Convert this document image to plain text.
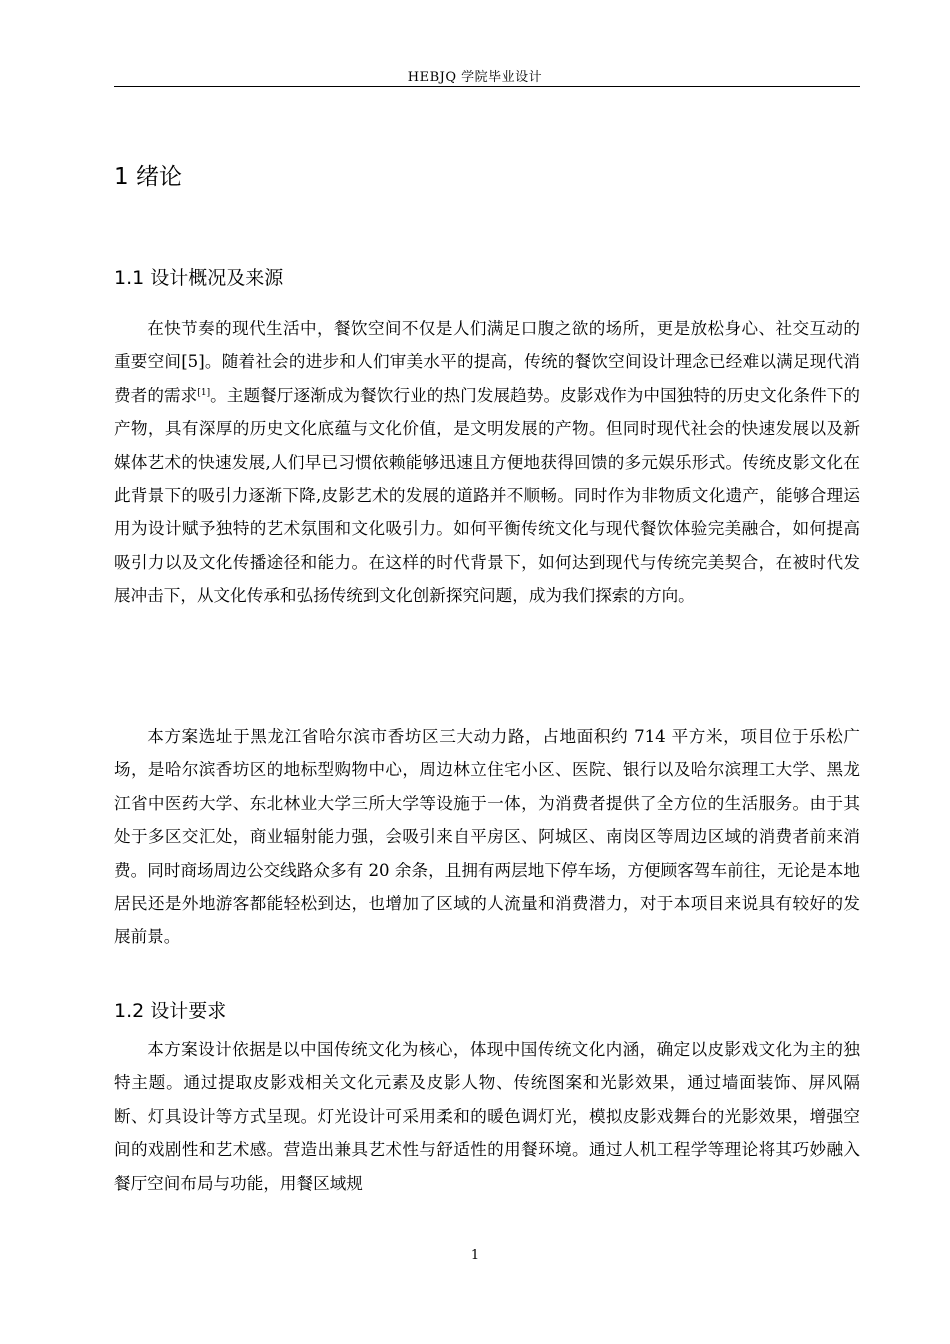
HEBJQ 学院毕业设计
1 绪论
1.1 设计概况及来源

在快节奏的现代生活中，餐饮空间不仅是人们满足口腹之欲的场所，更是放松身心、社交互动的重要空间[5]。随着社会的进步和人们审美水平的提高，传统的餐饮空间设计理念已经难以满足现代消费者的需求[1]。主题餐厅逐渐成为餐饮行业的热门发展趋势。皮影戏作为中国独特的历史文化条件下的产物，具有深厚的历史文化底蕴与文化价值，是文明发展的产物。但同时现代社会的快速发展以及新媒体艺术的快速发展,人们早已习惯依赖能够迅速且方便地获得回馈的多元娱乐形式。传统皮影文化在此背景下的吸引力逐渐下降,皮影艺术的发展的道路并不顺畅。同时作为非物质文化遗产，能够合理运用为设计赋予独特的艺术氛围和文化吸引力。如何平衡传统文化与现代餐饮体验完美融合，如何提高吸引力以及文化传播途径和能力。在这样的时代背景下，如何达到现代与传统完美契合，在被时代发展冲击下，从文化传承和弘扬传统到文化创新探究问题，成为我们探索的方向。

本方案选址于黑龙江省哈尔滨市香坊区三大动力路，占地面积约 714 平方米，项目位于乐松广场，是哈尔滨香坊区的地标型购物中心，周边林立住宅小区、医院、银行以及哈尔滨理工大学、黑龙江省中医药大学、东北林业大学三所大学等设施于一体，为消费者提供了全方位的生活服务。由于其处于多区交汇处，商业辐射能力强，会吸引来自平房区、阿城区、南岗区等周边区域的消费者前来消费。同时商场周边公交线路众多有 20 余条，且拥有两层地下停车场，方便顾客驾车前往，无论是本地居民还是外地游客都能轻松到达，也增加了区域的人流量和消费潜力，对于本项目来说具有较好的发展前景。

1.2 设计要求

本方案设计依据是以中国传统文化为核心，体现中国传统文化内涵，确定以皮影戏文化为主的独特主题。通过提取皮影戏相关文化元素及皮影人物、传统图案和光影效果，通过墙面装饰、屏风隔断、灯具设计等方式呈现。灯光设计可采用柔和的暖色调灯光，模拟皮影戏舞台的光影效果，增强空间的戏剧性和艺术感。营造出兼具艺术性与舒适性的用餐环境。通过人机工程学等理论将其巧妙融入餐厅空间布局与功能，用餐区域规

1
